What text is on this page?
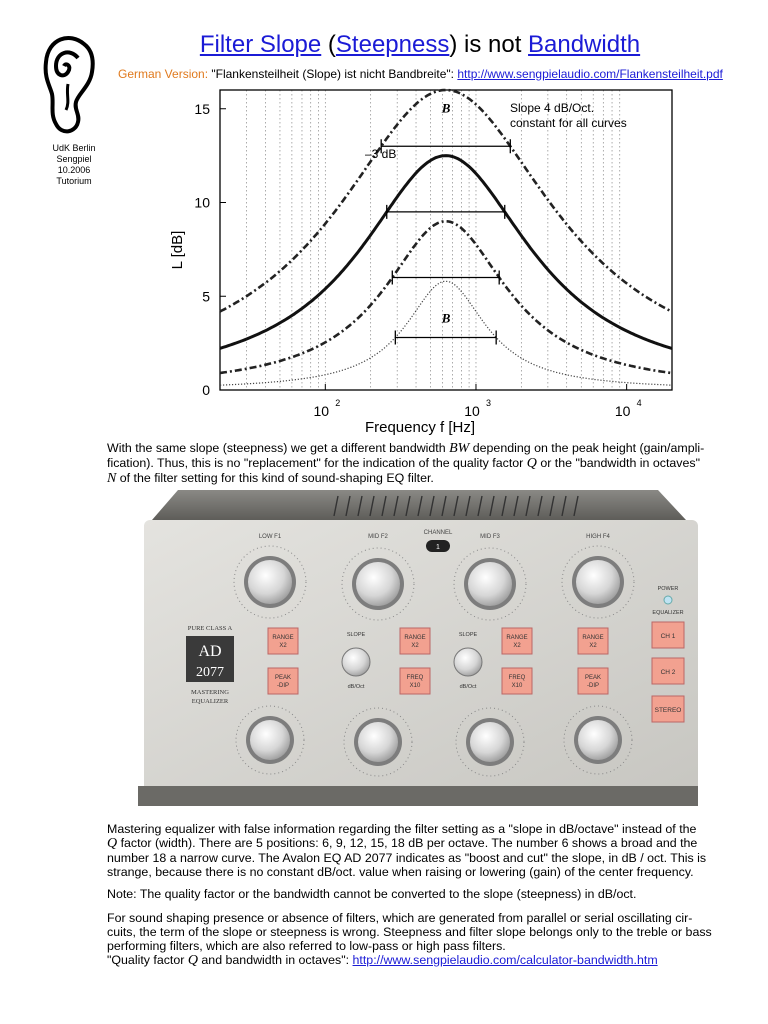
UdK Berlin
Sengpiel
10.2006
Tutorium
Filter Slope (Steepness) is not Bandwidth
German Version: "Flankensteilheit (Slope) ist nicht Bandbreite": http://www.sengpielaudio.com/Flankensteilheit.pdf
0
5
10
15
10 2	10 3	10 4
Slope 4 dB/Oct.
constant for all curves
–3 dB
B
B
L [dB]
Frequency f [Hz]
With the same slope (steepness) we get a different bandwidth BW depending on the peak height (gain/ampli-
fication). Thus, this is no "replacement" for the indication of the quality factor Q or the "bandwidth in octaves"
N of the filter setting for this kind of sound-shaping EQ filter.
LOW F1	MID F2	MID F3	HIGH F4
CHANNEL
1
PURE CLASS A
AD
2077
MASTERING
EQUALIZER
RANGE
X2
PEAK
-DIP
RANGE
X2
FREQ
X10
RANGE
X2
FREQ
X10
RANGE
X2
PEAK
-DIP
SLOPE
dB/Oct
SLOPE
dB/Oct
POWER
EQUALIZER
CH 1
CH 2
STEREO
Mastering equalizer with false information regarding the filter setting as a "slope in dB/octave" instead of the
Q factor (width). There are 5 positions: 6, 9, 12, 15, 18 dB per octave. The number 6 shows a broad and the
number 18 a narrow curve. The Avalon EQ AD 2077 indicates as "boost and cut" the slope, in dB / oct. This is
strange, because there is no constant dB/oct. value when raising or lowering (gain) of the center frequency.
Note: The quality factor or the bandwidth cannot be converted to the slope (steepness) in dB/oct.
For sound shaping presence or absence of filters, which are generated from parallel or serial oscillating cir-
cuits, the term of the slope or steepness is wrong. Steepness and filter slope belongs only to the treble or bass
performing filters, which are also referred to low-pass or high pass filters.
"Quality factor Q and bandwidth in octaves": http://www.sengpielaudio.com/calculator-bandwidth.htm
